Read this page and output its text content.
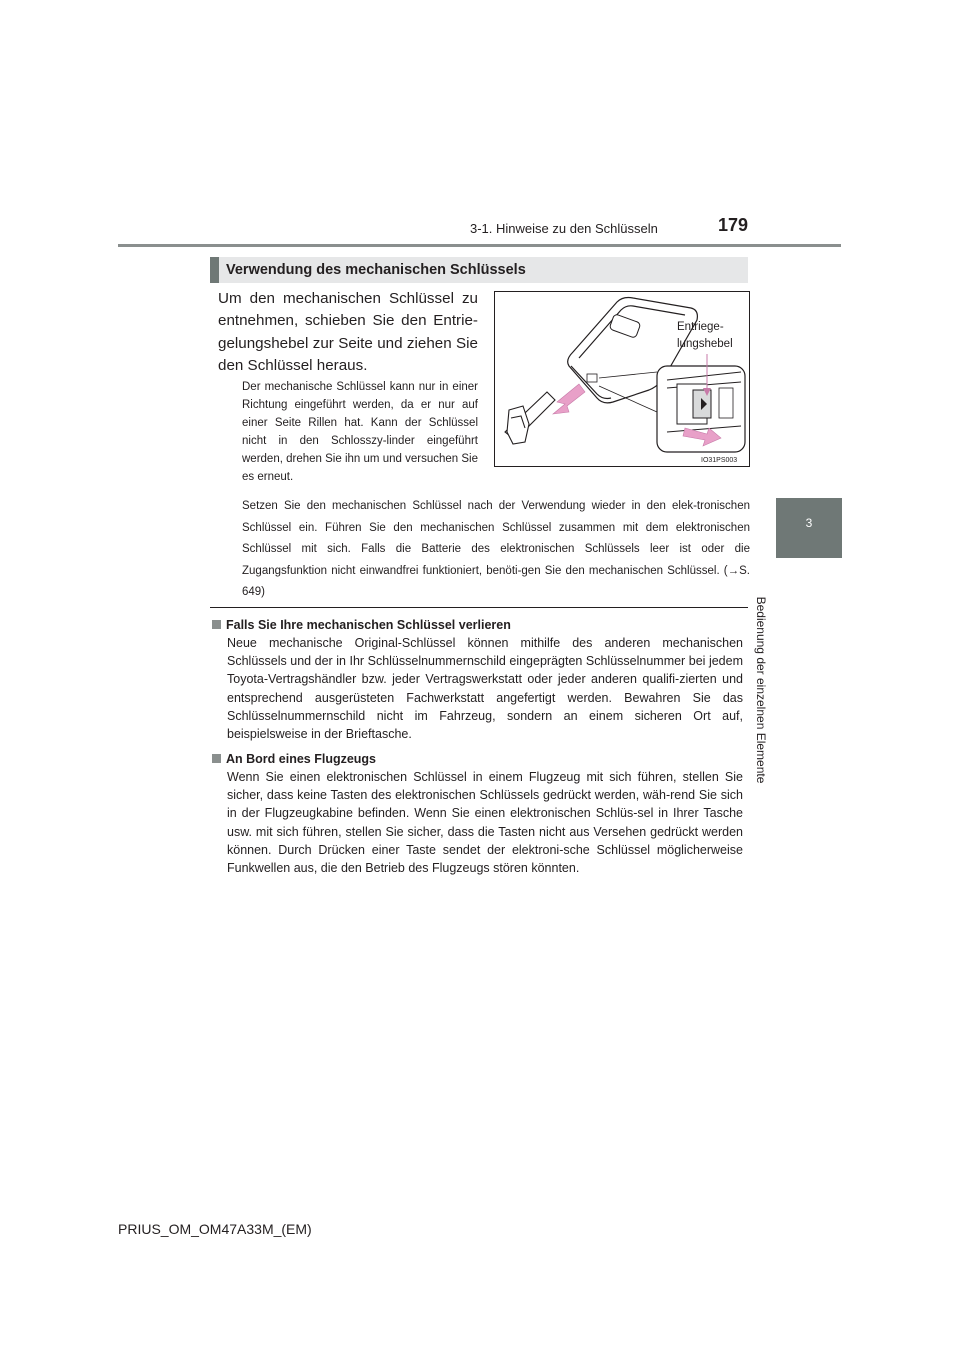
3-1. Hinweise zu den Schlüsseln	179
3
Bedienung der einzelnen Elemente
Verwendung des mechanischen Schlüssels
Um den mechanischen Schlüssel zu entnehmen, schieben Sie den Entrie-gelungshebel zur Seite und ziehen Sie den Schlüssel heraus.
Der mechanische Schlüssel kann nur in einer Richtung eingeführt werden, da er nur auf einer Seite Rillen hat. Kann der Schlüssel nicht in den Schlosszy-linder eingeführt werden, drehen Sie ihn um und versuchen Sie es erneut.
Entriege-
lungshebel
IO31PS003
Setzen Sie den mechanischen Schlüssel nach der Verwendung wieder in den elek-tronischen Schlüssel ein. Führen Sie den mechanischen Schlüssel zusammen mit dem elektronischen Schlüssel mit sich. Falls die Batterie des elektronischen Schlüssels leer ist oder die Zugangsfunktion nicht einwandfrei funktioniert, benöti-gen Sie den mechanischen Schlüssel. (→S. 649)
Falls Sie Ihre mechanischen Schlüssel verlieren
Neue mechanische Original-Schlüssel können mithilfe des anderen mechanischen Schlüssels und der in Ihr Schlüsselnummernschild eingeprägten Schlüsselnummer bei jedem Toyota-Vertragshändler bzw. jeder Vertragswerkstatt oder jeder anderen qualifi-zierten und entsprechend ausgerüsteten Fachwerkstatt angefertigt werden. Bewahren Sie das Schlüsselnummernschild nicht im Fahrzeug, sondern an einem sicheren Ort auf, beispielsweise in der Brieftasche.
An Bord eines Flugzeugs
Wenn Sie einen elektronischen Schlüssel in einem Flugzeug mit sich führen, stellen Sie sicher, dass keine Tasten des elektronischen Schlüssels gedrückt werden, wäh-rend Sie sich in der Flugzeugkabine befinden. Wenn Sie einen elektronischen Schlüs-sel in Ihrer Tasche usw. mit sich führen, stellen Sie sicher, dass die Tasten nicht aus Versehen gedrückt werden können. Durch Drücken einer Taste sendet der elektroni-sche Schlüssel möglicherweise Funkwellen aus, die den Betrieb des Flugzeugs stören könnten.
PRIUS_OM_OM47A33M_(EM)
